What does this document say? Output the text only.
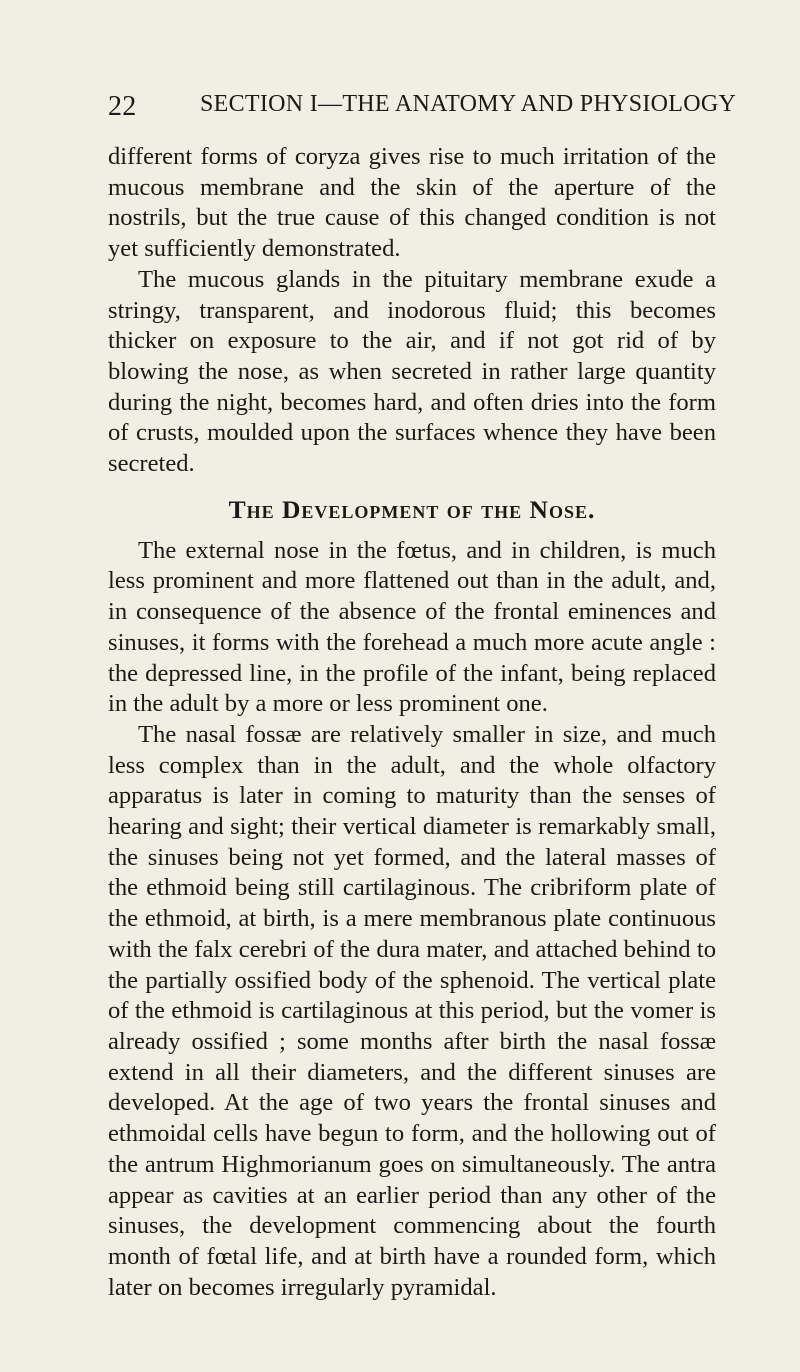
22	SECTION I—THE ANATOMY AND PHYSIOLOGY

different forms of coryza gives rise to much irritation of the mucous membrane and the skin of the aperture of the nostrils, but the true cause of this changed condition is not yet sufficiently demonstrated.

The mucous glands in the pituitary membrane exude a stringy, transparent, and inodorous fluid; this becomes thicker on exposure to the air, and if not got rid of by blowing the nose, as when secreted in rather large quantity during the night, becomes hard, and often dries into the form of crusts, moulded upon the surfaces whence they have been secreted.

The Development of the Nose.

The external nose in the fœtus, and in children, is much less prominent and more flattened out than in the adult, and, in consequence of the absence of the frontal eminences and sinuses, it forms with the forehead a much more acute angle : the depressed line, in the profile of the infant, being replaced in the adult by a more or less prominent one.

The nasal fossæ are relatively smaller in size, and much less complex than in the adult, and the whole olfactory apparatus is later in coming to maturity than the senses of hearing and sight; their vertical diameter is remarkably small, the sinuses being not yet formed, and the lateral masses of the ethmoid being still cartilaginous. The cribriform plate of the ethmoid, at birth, is a mere membranous plate continuous with the falx cerebri of the dura mater, and attached behind to the partially ossified body of the sphenoid. The vertical plate of the ethmoid is cartilaginous at this period, but the vomer is already ossified ; some months after birth the nasal fossæ extend in all their diameters, and the different sinuses are developed. At the age of two years the frontal sinuses and ethmoidal cells have begun to form, and the hollowing out of the antrum Highmorianum goes on simultaneously. The antra appear as cavities at an earlier period than any other of the sinuses, the development commencing about the fourth month of fœtal life, and at birth have a rounded form, which later on becomes irregularly pyramidal.
